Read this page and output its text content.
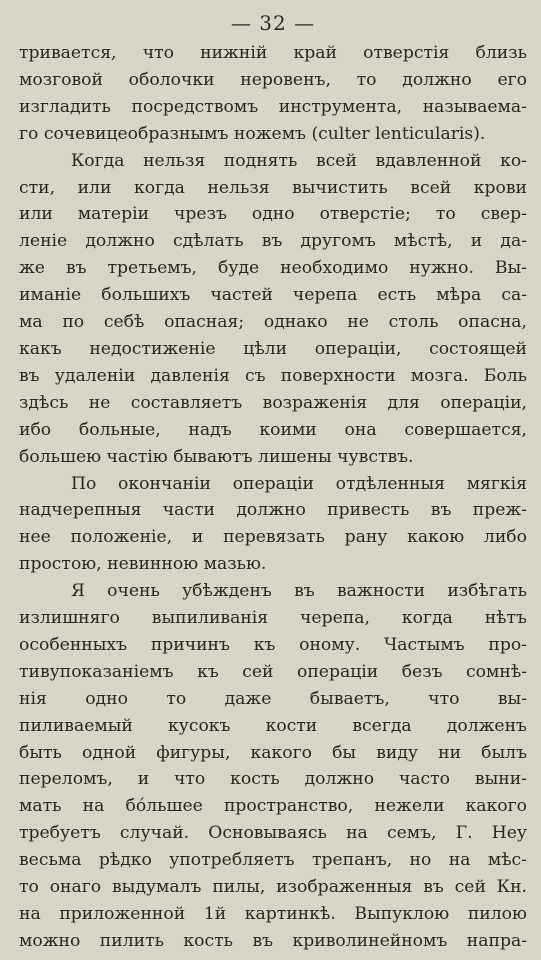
— 32 —

тривается, что нижній край отверстія близь
мозговой оболочки неровенъ, то должно его
изгладить посредствомъ инструмента, называема-
го сочевицеобразнымъ ножемъ (culter lenticularis).

Когда нельзя поднять всей вдавленной ко-
сти, или когда нельзя вычистить всей крови
или матеріи чрезъ одно отверстіе; то свер-
леніе должно сдѣлать въ другомъ мѣстѣ, и да-
же въ третьемъ, буде необходимо нужно. Вы-
иманіе большихъ частей черепа есть мѣра са-
ма по себѣ опасная; однако не столь опасна,
какъ недостиженіе цѣли операціи, состоящей
въ удаленіи давленія съ поверхности мозга. Боль
здѣсь не составляетъ возраженія для операціи,
ибо больные, надъ коими она совершается,
большею частію бываютъ лишены чувствъ.

По окончаніи операціи отдѣленныя мягкія
надчерепныя части должно привесть въ преж-
нее положеніе, и перевязать рану какою либо
простою, невинною мазью.

Я очень убѣжденъ въ важности избѣгать
излишняго выпиливанія черепа, когда нѣтъ
особенныхъ причинъ къ оному. Частымъ про-
тивупоказаніемъ къ сей операціи безъ сомнѣ-
нія одно то даже бываетъ, что вы-
пиливаемый кусокъ кости всегда долженъ
быть одной фигуры, какого бы виду ни былъ
переломъ, и что кость должно часто выни-
мать на бо́льшее пространство, нежели какого
требуетъ случай. Основываясь на семъ, Г. Неу
весьма рѣдко употребляетъ трепанъ, но на мѣс-
то онаго выдумалъ пилы, изображенныя въ сей Кн.
на приложенной 1й картинкѣ. Выпуклою пилою
можно пилить кость въ криволинейномъ напра-
